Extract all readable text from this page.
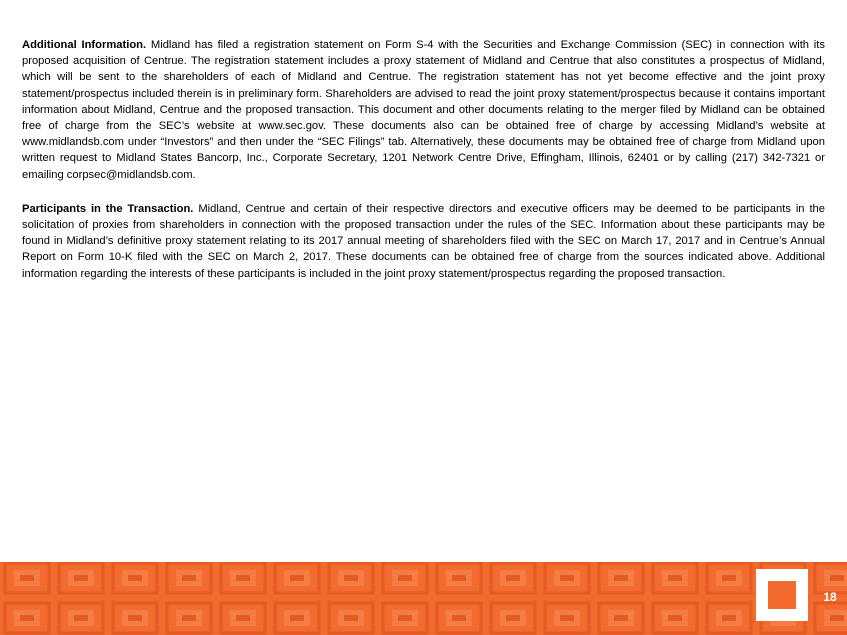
Additional Information. Midland has filed a registration statement on Form S-4 with the Securities and Exchange Commission (SEC) in connection with its proposed acquisition of Centrue. The registration statement includes a proxy statement of Midland and Centrue that also constitutes a prospectus of Midland, which will be sent to the shareholders of each of Midland and Centrue. The registration statement has not yet become effective and the joint proxy statement/prospectus included therein is in preliminary form. Shareholders are advised to read the joint proxy statement/prospectus because it contains important information about Midland, Centrue and the proposed transaction. This document and other documents relating to the merger filed by Midland can be obtained free of charge from the SEC’s website at www.sec.gov. These documents also can be obtained free of charge by accessing Midland’s website at www.midlandsb.com under “Investors” and then under the “SEC Filings” tab. Alternatively, these documents may be obtained free of charge from Midland upon written request to Midland States Bancorp, Inc., Corporate Secretary, 1201 Network Centre Drive, Effingham, Illinois, 62401 or by calling (217) 342-7321 or emailing corpsec@midlandsb.com.

Participants in the Transaction. Midland, Centrue and certain of their respective directors and executive officers may be deemed to be participants in the solicitation of proxies from shareholders in connection with the proposed transaction under the rules of the SEC. Information about these participants may be found in Midland’s definitive proxy statement relating to its 2017 annual meeting of shareholders filed with the SEC on March 17, 2017 and in Centrue’s Annual Report on Form 10-K filed with the SEC on March 2, 2017. These documents can be obtained free of charge from the sources indicated above. Additional information regarding the interests of these participants is included in the joint proxy statement/prospectus regarding the proposed transaction.

18
